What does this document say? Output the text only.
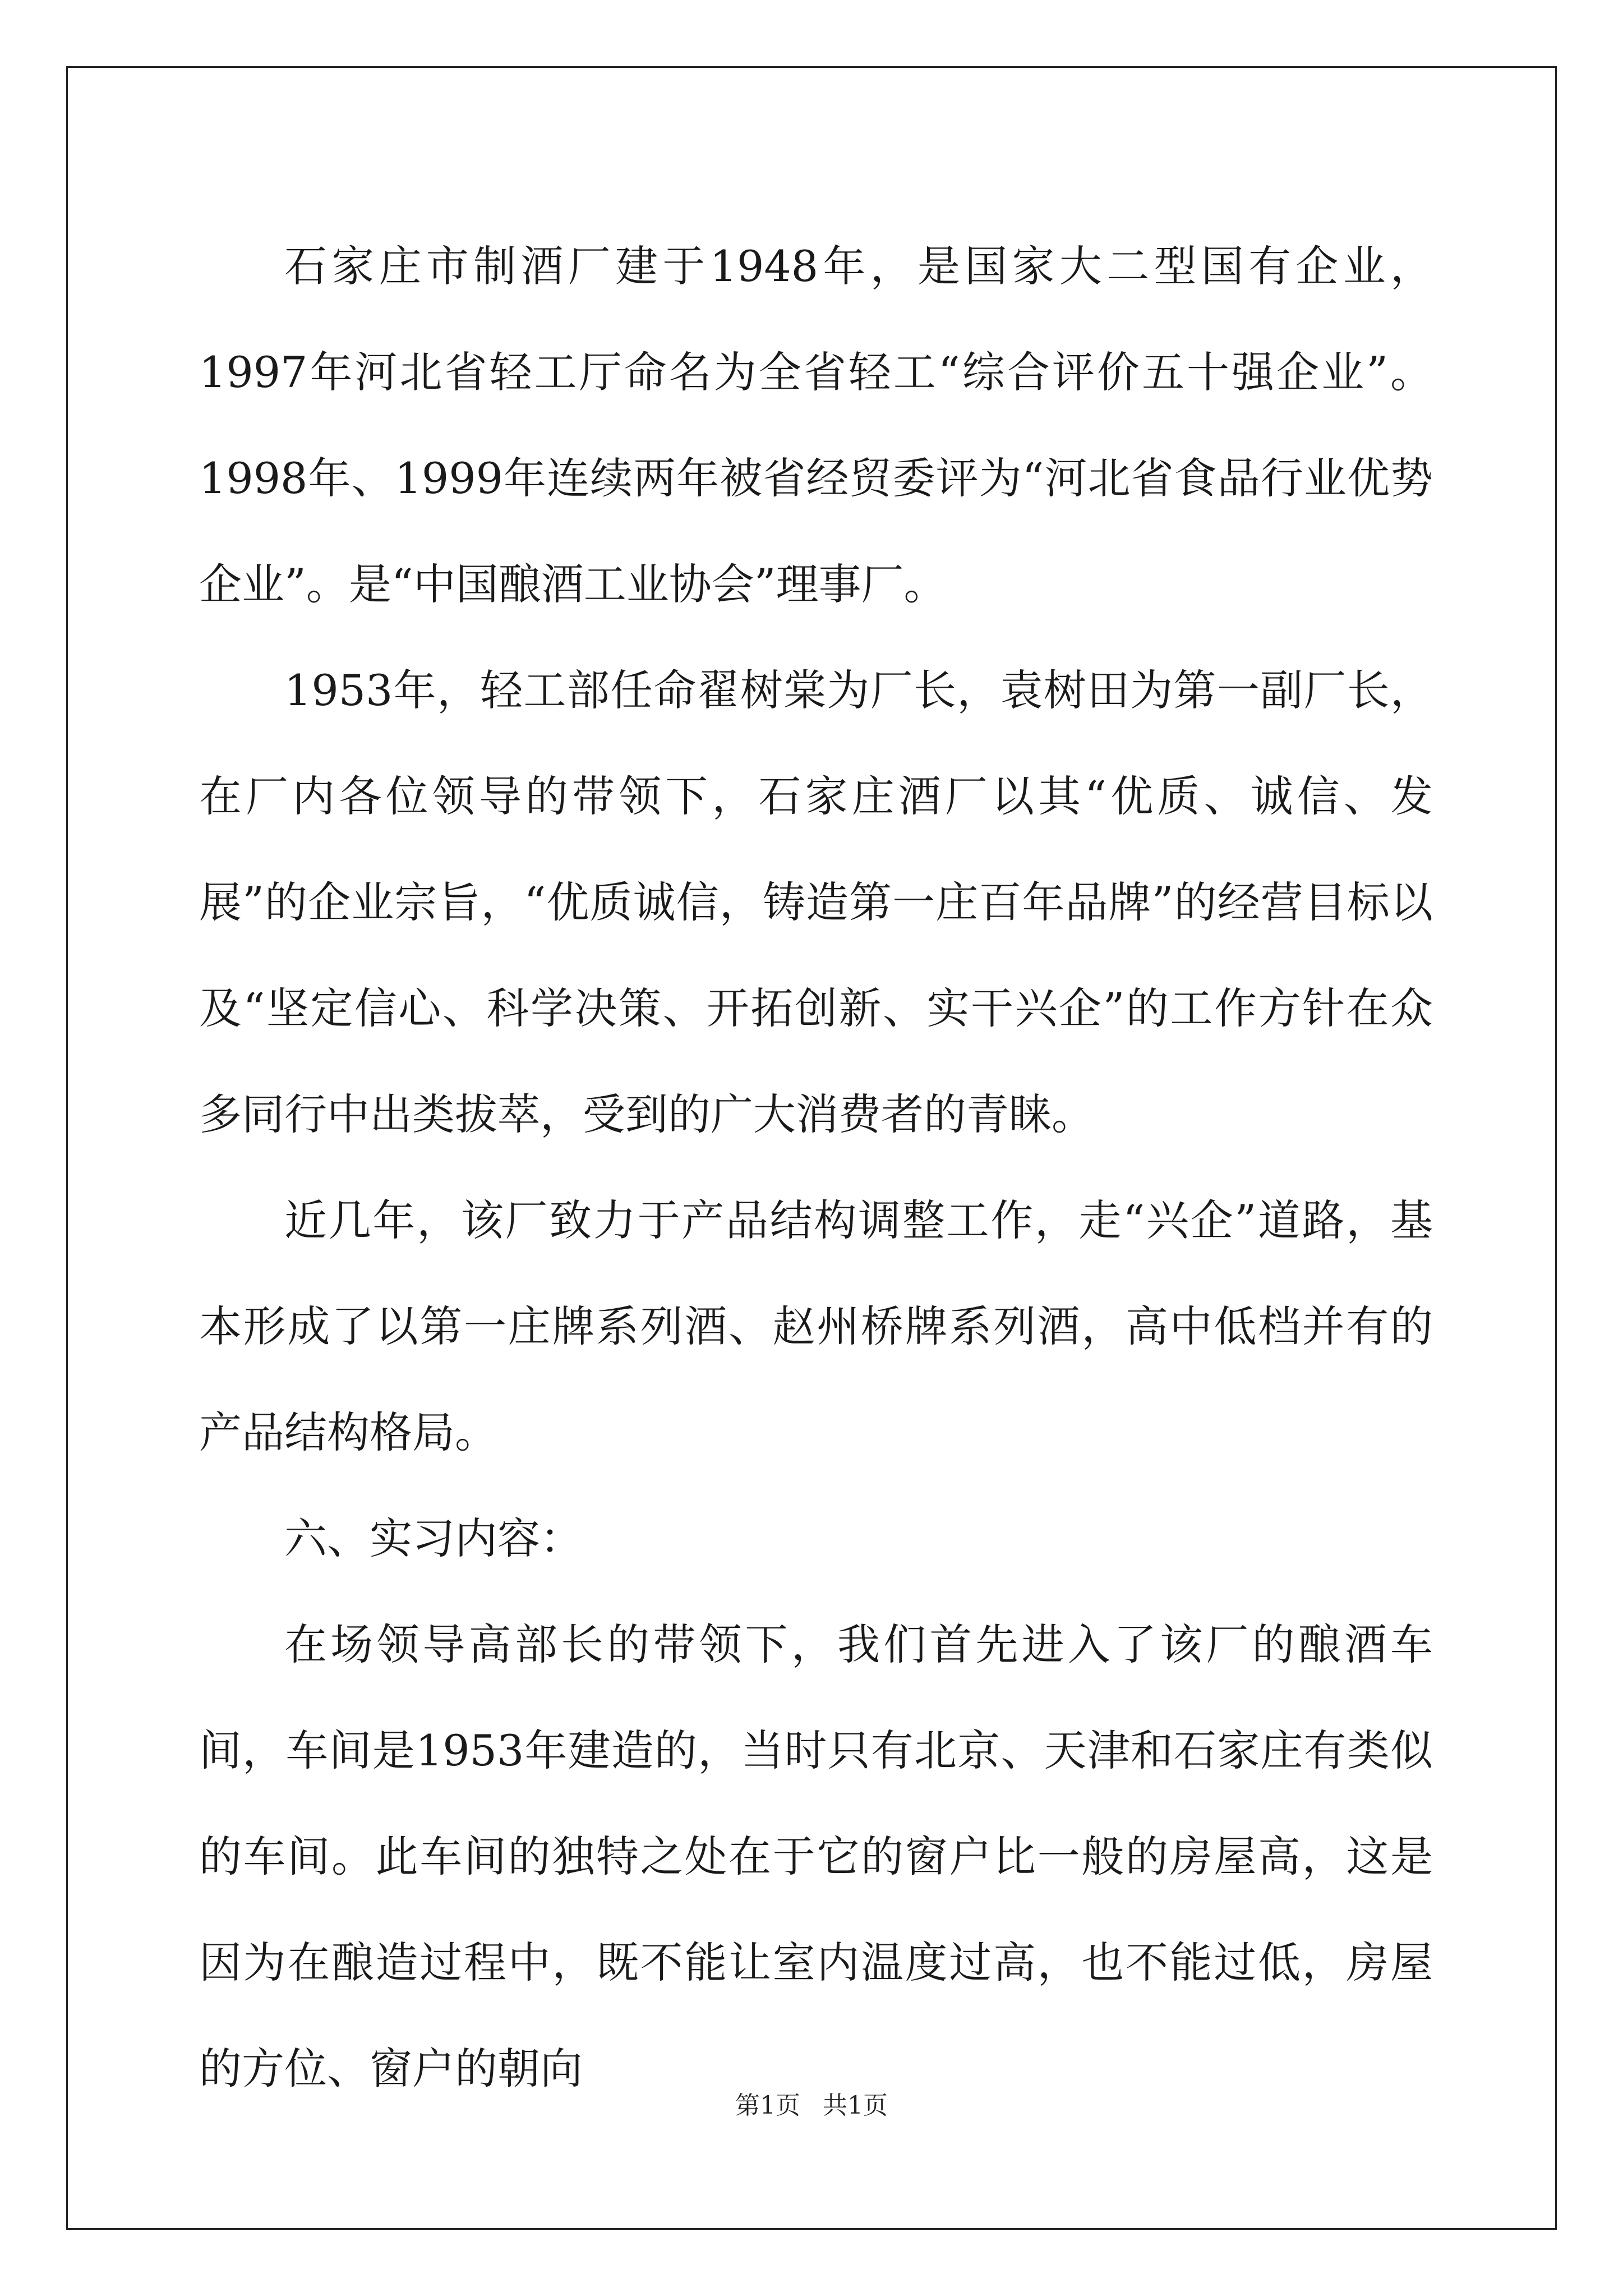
石家庄市制酒厂建于1948年，是国家大二型国有企业，1997年河北省轻工厅命名为全省轻工“综合评价五十强企业”。1998年、1999年连续两年被省经贸委评为“河北省食品行业优势企业”。是“中国酿酒工业协会”理事厂。

1953年，轻工部任命翟树棠为厂长，袁树田为第一副厂长，在厂内各位领导的带领下，石家庄酒厂以其“优质、诚信、发展”的企业宗旨，“优质诚信，铸造第一庄百年品牌”的经营目标以及“坚定信心、科学决策、开拓创新、实干兴企”的工作方针在众多同行中出类拔萃，受到的广大消费者的青睐。

近几年，该厂致力于产品结构调整工作，走“兴企”道路，基本形成了以第一庄牌系列酒、赵州桥牌系列酒，高中低档并有的产品结构格局。

六、实习内容：

在场领导高部长的带领下，我们首先进入了该厂的酿酒车间，车间是1953年建造的，当时只有北京、天津和石家庄有类似的车间。此车间的独特之处在于它的窗户比一般的房屋高，这是因为在酿造过程中，既不能让室内温度过高，也不能过低，房屋的方位、窗户的朝向

第1页 共1页
